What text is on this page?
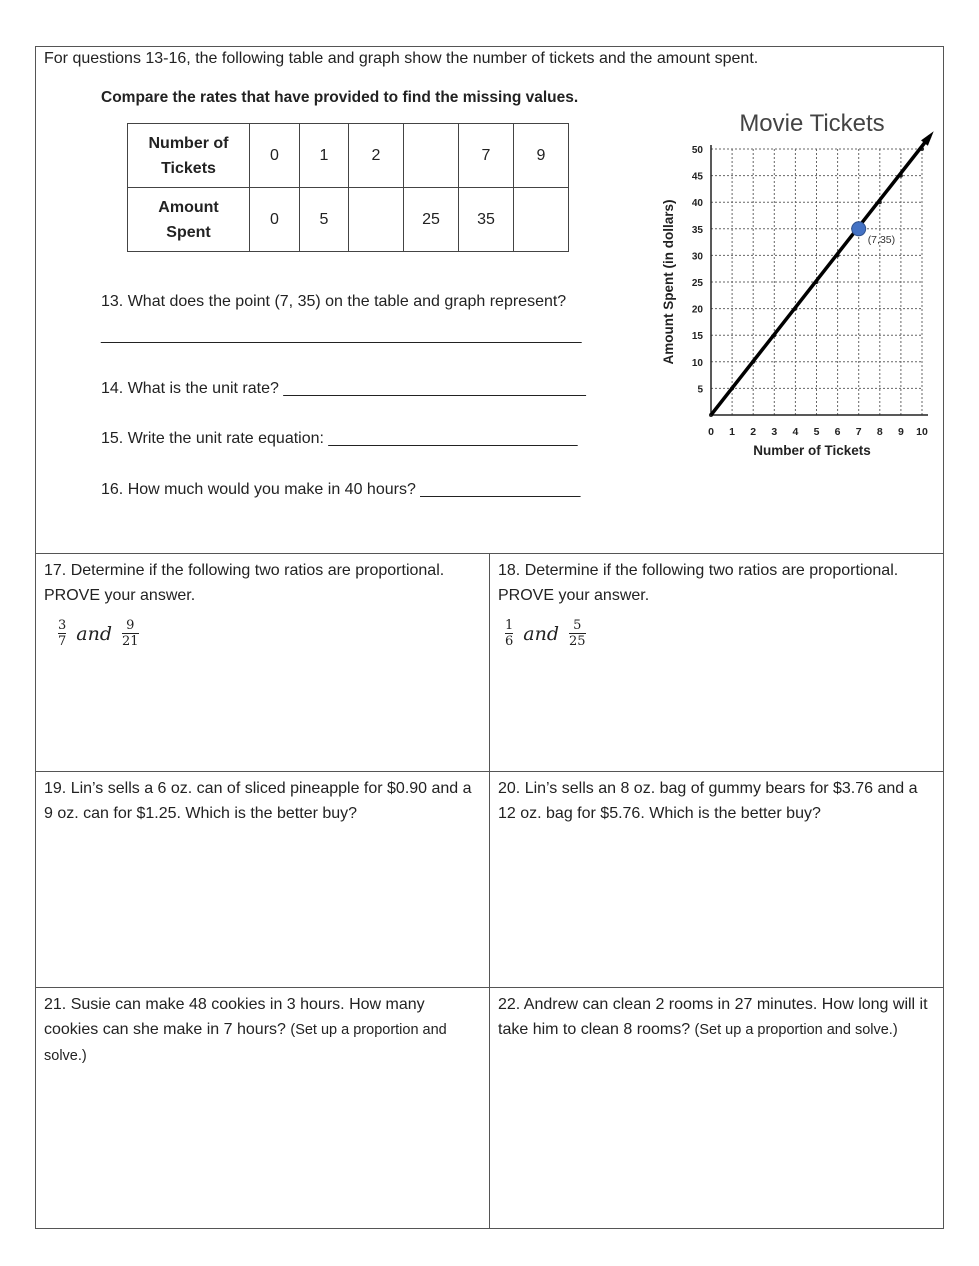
For questions 13-16, the following table and graph show the number of tickets and the amount spent.
Compare the rates that have provided to find the missing values.
Number of
Tickets	0	1	2		7	9
Amount
Spent	0	5		25	35	
13. What does the point (7, 35) on the table and graph represent?
______________________________________________________
14. What is the unit rate? __________________________________
15. Write the unit rate equation: ____________________________
16. How much would you make in 40 hours? __________________
Movie Tickets
Number of Tickets
Amount Spent (in dollars)
0 1 2 3 4 5 6 7 8 9 10
5
10
15
20
25
30
35
40
45
50
(7,35)
17. Determine if the following two ratios are proportional. PROVE your answer.
$\frac{3}{7}$ and $\frac{9}{21}$
18. Determine if the following two ratios are proportional. PROVE your answer.
$\frac{1}{6}$ and $\frac{5}{25}$
19. Lin’s sells a 6 oz. can of sliced pineapple for $0.90 and a 9 oz. can for $1.25. Which is the better buy?
20. Lin’s sells an 8 oz. bag of gummy bears for $3.76 and a 12 oz. bag for $5.76. Which is the better buy?
21. Susie can make 48 cookies in 3 hours. How many cookies can she make in 7 hours? (Set up a proportion and solve.)
22. Andrew can clean 2 rooms in 27 minutes. How long will it take him to clean 8 rooms? (Set up a proportion and solve.)
